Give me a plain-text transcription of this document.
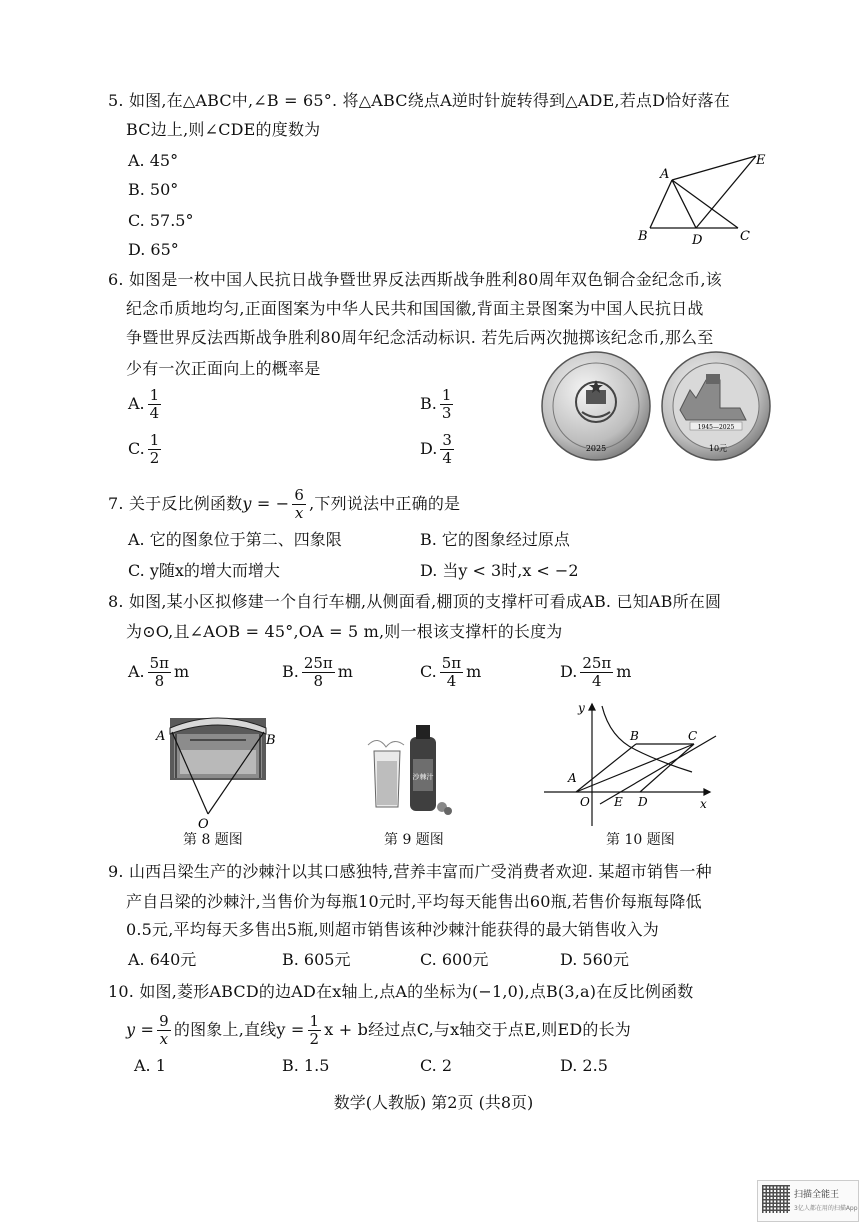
5. 如图,在△ABC中,∠B = 65°. 将△ABC绕点A逆时针旋转得到△ADE,若点D恰好落在
BC边上,则∠CDE的度数为
A. 45°
B. 50°
C. 57.5°
D. 65°
A
B	C
D
E
6. 如图是一枚中国人民抗日战争暨世界反法西斯战争胜利80周年双色铜合金纪念币,该
纪念币质地均匀,正面图案为中华人民共和国国徽,背面主景图案为中国人民抗日战
争暨世界反法西斯战争胜利80周年纪念活动标识. 若先后两次抛掷该纪念币,那么至
少有一次正面向上的概率是
A. $\frac{1}{4}$	B. $\frac{1}{3}$
C. $\frac{1}{2}$	D. $\frac{3}{4}$	2025
1945—2025
10元
7. 关于反比例函数y = − $\frac{6}{x}$ ,下列说法中正确的是
A. 它的图象位于第二、四象限	B. 它的图象经过原点
C. y随x的增大而增大	D. 当y < 3时,x < −2
8. 如图,某小区拟修建一个自行车棚,从侧面看,棚顶的支撑杆可看成AB. 已知AB所在圆
为⊙O,且∠AOB = 45°,OA = 5 m,则一根该支撑杆的长度为
A. $\frac{5\pi}{8}$ m	B. $\frac{25\pi}{8}$ m	C. $\frac{5\pi}{4}$ m	D. $\frac{25\pi}{4}$ m
A	B
O
第 8 题图
沙棘汁
第 9 题图
y
x
A
B	C
O E D
第 10 题图
9. 山西吕梁生产的沙棘汁以其口感独特,营养丰富而广受消费者欢迎. 某超市销售一种
产自吕梁的沙棘汁,当售价为每瓶10元时,平均每天能售出60瓶,若售价每瓶每降低
0.5元,平均每天多售出5瓶,则超市销售该种沙棘汁能获得的最大销售收入为
A. 640元	B. 605元	C. 600元	D. 560元
10. 如图,菱形ABCD的边AD在x轴上,点A的坐标为(−1,0),点B(3,a)在反比例函数
$y = \frac{9}{x}$ 的图象上,直线$y = \frac{1}{2}$ x + b经过点C,与x轴交于点E,则ED的长为
A. 1	B. 1.5	C. 2	D. 2.5
数学(人教版) 第2页 (共8页)
扫描全能王
3亿人都在用的扫描App
